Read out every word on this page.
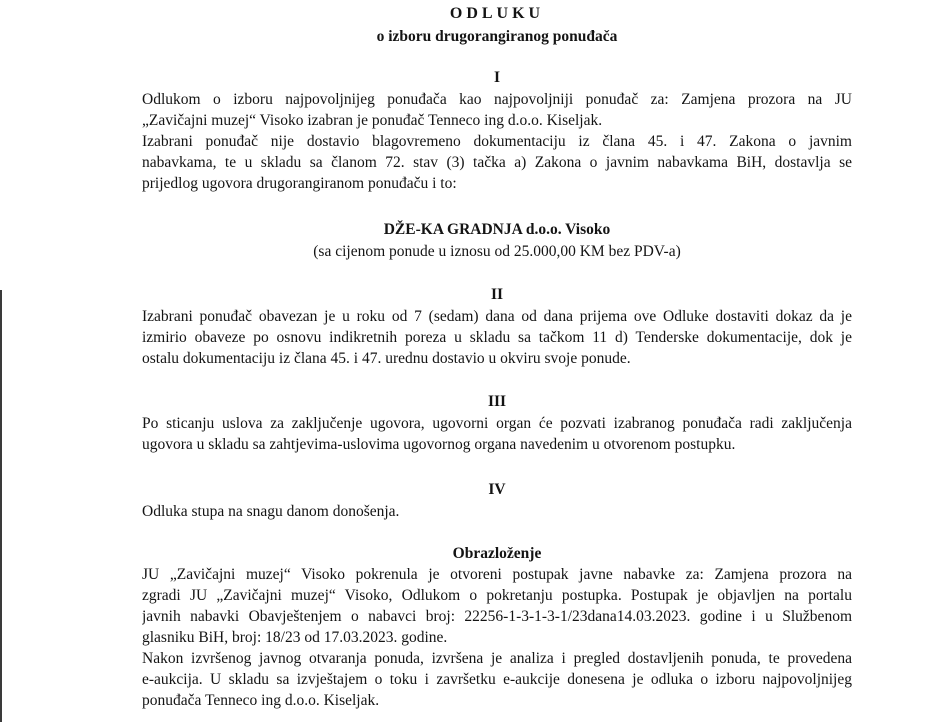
ODLUKU
o izboru drugorangiranog ponuđača
I
Odlukom o izboru najpovoljnijeg ponuđača kao najpovoljniji ponuđač za: Zamjena prozora na JU
„Zavičajni muzej“ Visoko izabran je ponuđač Tenneco ing d.o.o. Kiseljak.
Izabrani ponuđač nije dostavio blagovremeno dokumentaciju iz člana 45. i 47. Zakona o javnim
nabavkama, te u skladu sa članom 72. stav (3) tačka a) Zakona o javnim nabavkama BiH, dostavlja se
prijedlog ugovora drugorangiranom ponuđaču i to:
DŽE-KA GRADNJA d.o.o. Visoko
(sa cijenom ponude u iznosu od 25.000,00 KM bez PDV-a)
II
Izabrani ponuđač obavezan je u roku od 7 (sedam) dana od dana prijema ove Odluke dostaviti dokaz da je
izmirio obaveze po osnovu indikretnih poreza u skladu sa tačkom 11 d) Tenderske dokumentacije, dok je
ostalu dokumentaciju iz člana 45. i 47. urednu dostavio u okviru svoje ponude.
III
Po sticanju uslova za zaključenje ugovora, ugovorni organ će pozvati izabranog ponuđača radi zaključenja
ugovora u skladu sa zahtjevima-uslovima ugovornog organa navedenim u otvorenom postupku.
IV
Odluka stupa na snagu danom donošenja.
Obrazloženje
JU „Zavičajni muzej“ Visoko pokrenula je otvoreni postupak javne nabavke za: Zamjena prozora na
zgradi JU „Zavičajni muzej“ Visoko, Odlukom o pokretanju postupka. Postupak je objavljen na portalu
javnih nabavki Obavještenjem o nabavci broj: 22256-1-3-1-3-1/23dana14.03.2023. godine i u Službenom
glasniku BiH, broj: 18/23 od 17.03.2023. godine.
Nakon izvršenog javnog otvaranja ponuda, izvršena je analiza i pregled dostavljenih ponuda, te provedena
e-aukcija. U skladu sa izvještajem o toku i završetku e-aukcije donesena je odluka o izboru najpovoljnijeg
ponuđača Tenneco ing d.o.o. Kiseljak.
